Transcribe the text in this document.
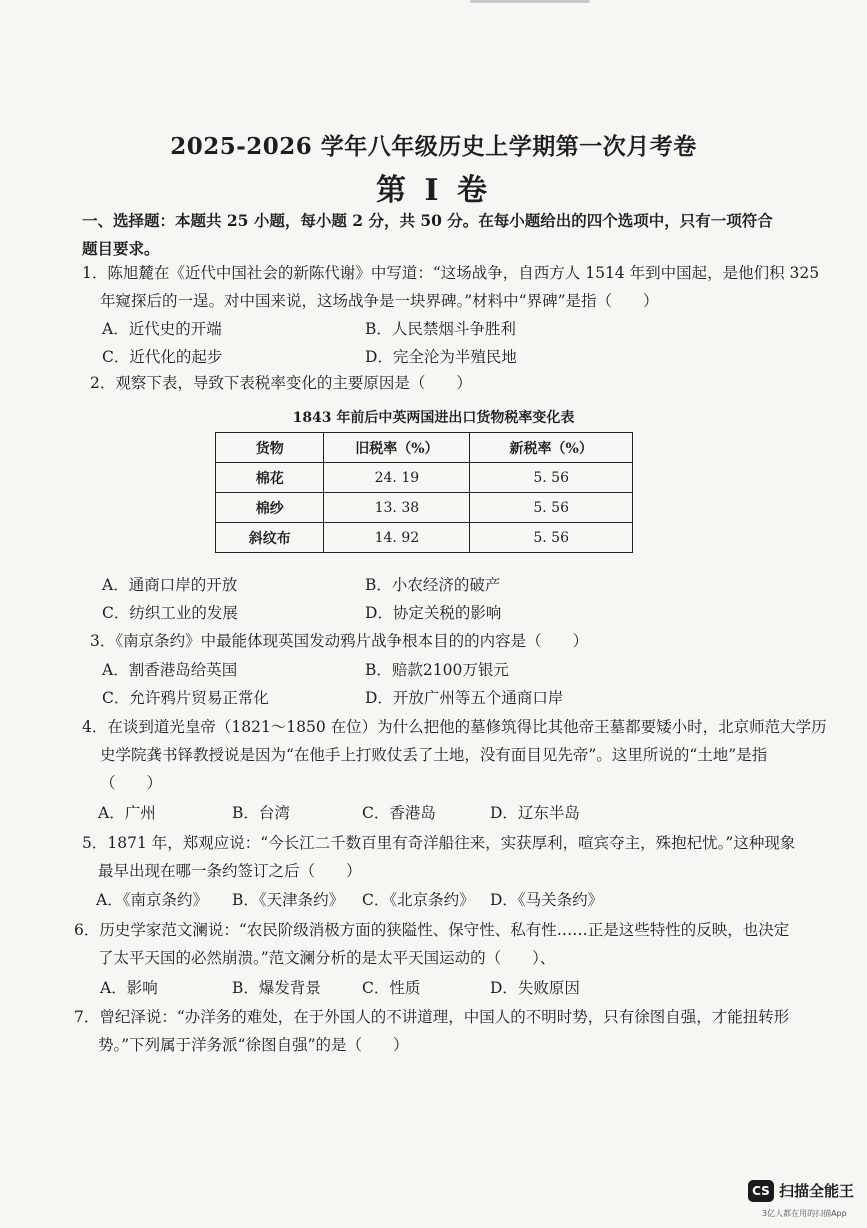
2025-2026 学年八年级历史上学期第一次月考卷
第 I 卷
一、选择题：本题共 25 小题，每小题 2 分，共 50 分。在每小题给出的四个选项中，只有一项符合题目要求。
1．陈旭麓在《近代中国社会的新陈代谢》中写道：“这场战争，自西方人 1514 年到中国起，是他们积 325
年窥探后的一逞。对中国来说，这场战争是一块界碑。”材料中“界碑”是指（　　）
A．近代史的开端	B．人民禁烟斗争胜利
C．近代化的起步	D．完全沦为半殖民地
2．观察下表，导致下表税率变化的主要原因是（　　）
1843 年前后中英两国进出口货物税率变化表
货物	旧税率（%）	新税率（%）
棉花	24. 19	5. 56
棉纱	13. 38	5. 56
斜纹布	14. 92	5. 56
A．通商口岸的开放	B．小农经济的破产
C．纺织工业的发展	D．协定关税的影响
3．《南京条约》中最能体现英国发动鸦片战争根本目的的内容是（　　）
A．割香港岛给英国	B．赔款2100万银元
C．允许鸦片贸易正常化	D．开放广州等五个通商口岸
4．在谈到道光皇帝（1821～1850 在位）为什么把他的墓修筑得比其他帝王墓都要矮小时，北京师范大学历
史学院龚书铎教授说是因为“在他手上打败仗丢了土地，没有面目见先帝”。这里所说的“土地”是指
（　　）
A．广州	B．台湾	C．香港岛	D．辽东半岛
5．1871 年，郑观应说：“今长江二千数百里有奇洋船往来，实获厚利，喧宾夺主，殊抱杞忧。”这种现象
最早出现在哪一条约签订之后（　　）
A．《南京条约》 B．《天津条约》 C．《北京条约》 D．《马关条约》
6．历史学家范文澜说：“农民阶级消极方面的狭隘性、保守性、私有性……正是这些特性的反映，也决定
了太平天国的必然崩溃。”范文澜分析的是太平天国运动的（　　）、
A．影响	B．爆发背景	C．性质	D．失败原因
7．曾纪泽说：“办洋务的难处，在于外国人的不讲道理，中国人的不明时势，只有徐图自强，才能扭转形
势。”下列属于洋务派“徐图自强”的是（　　）
CS 扫描全能王
3亿人都在用的扫描App
